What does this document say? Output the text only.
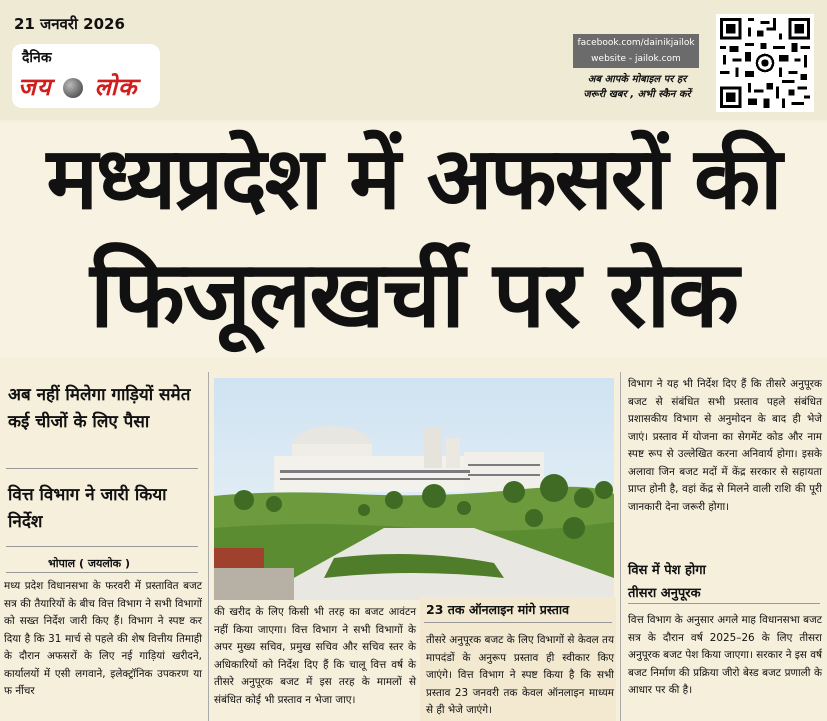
21 जनवरी 2026
दैनिक
जय लोक
facebook.com/dainikjailok
website - jailok.com
अब आपके मोबाइल पर हर
जरूरी खबर , अभी स्कैन करें
मध्यप्रदेश में अफसरों की
फिजूलखर्ची पर रोक
अब नहीं मिलेगा गाड़ियों समेत कई चीजों के लिए पैसा
वित्त विभाग ने जारी किया निर्देश
भोपाल ( जयलोक )
मध्य प्रदेश विधानसभा के फरवरी में प्रस्तावित बजट सत्र की तैयारियों के बीच वित्त विभाग ने सभी विभागों को सख्त निर्देश जारी किए हैं। विभाग ने स्पष्ट कर दिया है कि 31 मार्च से पहले की शेष वित्तीय तिमाही के दौरान अफसरों के लिए नई गाड़ियां खरीदने, कार्यालयों में एसी लगवाने, इलेक्ट्रॉनिक उपकरण या फ र्नीचर
की खरीद के लिए किसी भी तरह का बजट आवंटन नहीं किया जाएगा। वित्त विभाग ने सभी विभागों के अपर मुख्य सचिव, प्रमुख सचिव और सचिव स्तर के अधिकारियों को निर्देश दिए हैं कि चालू वित्त वर्ष के तीसरे अनुपूरक बजट में इस तरह के मामलों से संबंधित कोई भी प्रस्ताव न भेजा जाए।
23 तक ऑनलाइन मांगे प्रस्ताव
तीसरे अनुपूरक बजट के लिए विभागों से केवल तय मापदंडों के अनुरूप प्रस्ताव ही स्वीकार किए जाएंगे। वित्त विभाग ने स्पष्ट किया है कि सभी प्रस्ताव 23 जनवरी तक केवल ऑनलाइन माध्यम से ही भेजे जाएंगे।
विभाग ने यह भी निर्देश दिए हैं कि तीसरे अनुपूरक बजट से संबंधित सभी प्रस्ताव पहले संबंधित प्रशासकीय विभाग से अनुमोदन के बाद ही भेजे जाएं। प्रस्ताव में योजना का सेगमेंट कोड और नाम स्पष्ट रूप से उल्लेखित करना अनिवार्य होगा। इसके अलावा जिन बजट मदों में केंद्र सरकार से सहायता प्राप्त होनी है, वहां केंद्र से मिलने वाली राशि की पूरी जानकारी देना जरूरी होगा।
विस में पेश होगा
तीसरा अनुपूरक
वित्त विभाग के अनुसार अगले माह विधानसभा बजट सत्र के दौरान वर्ष 2025–26 के लिए तीसरा अनुपूरक बजट पेश किया जाएगा। सरकार ने इस वर्ष बजट निर्माण की प्रक्रिया जीरो बेस्ड बजट प्रणाली के आधार पर की है।
